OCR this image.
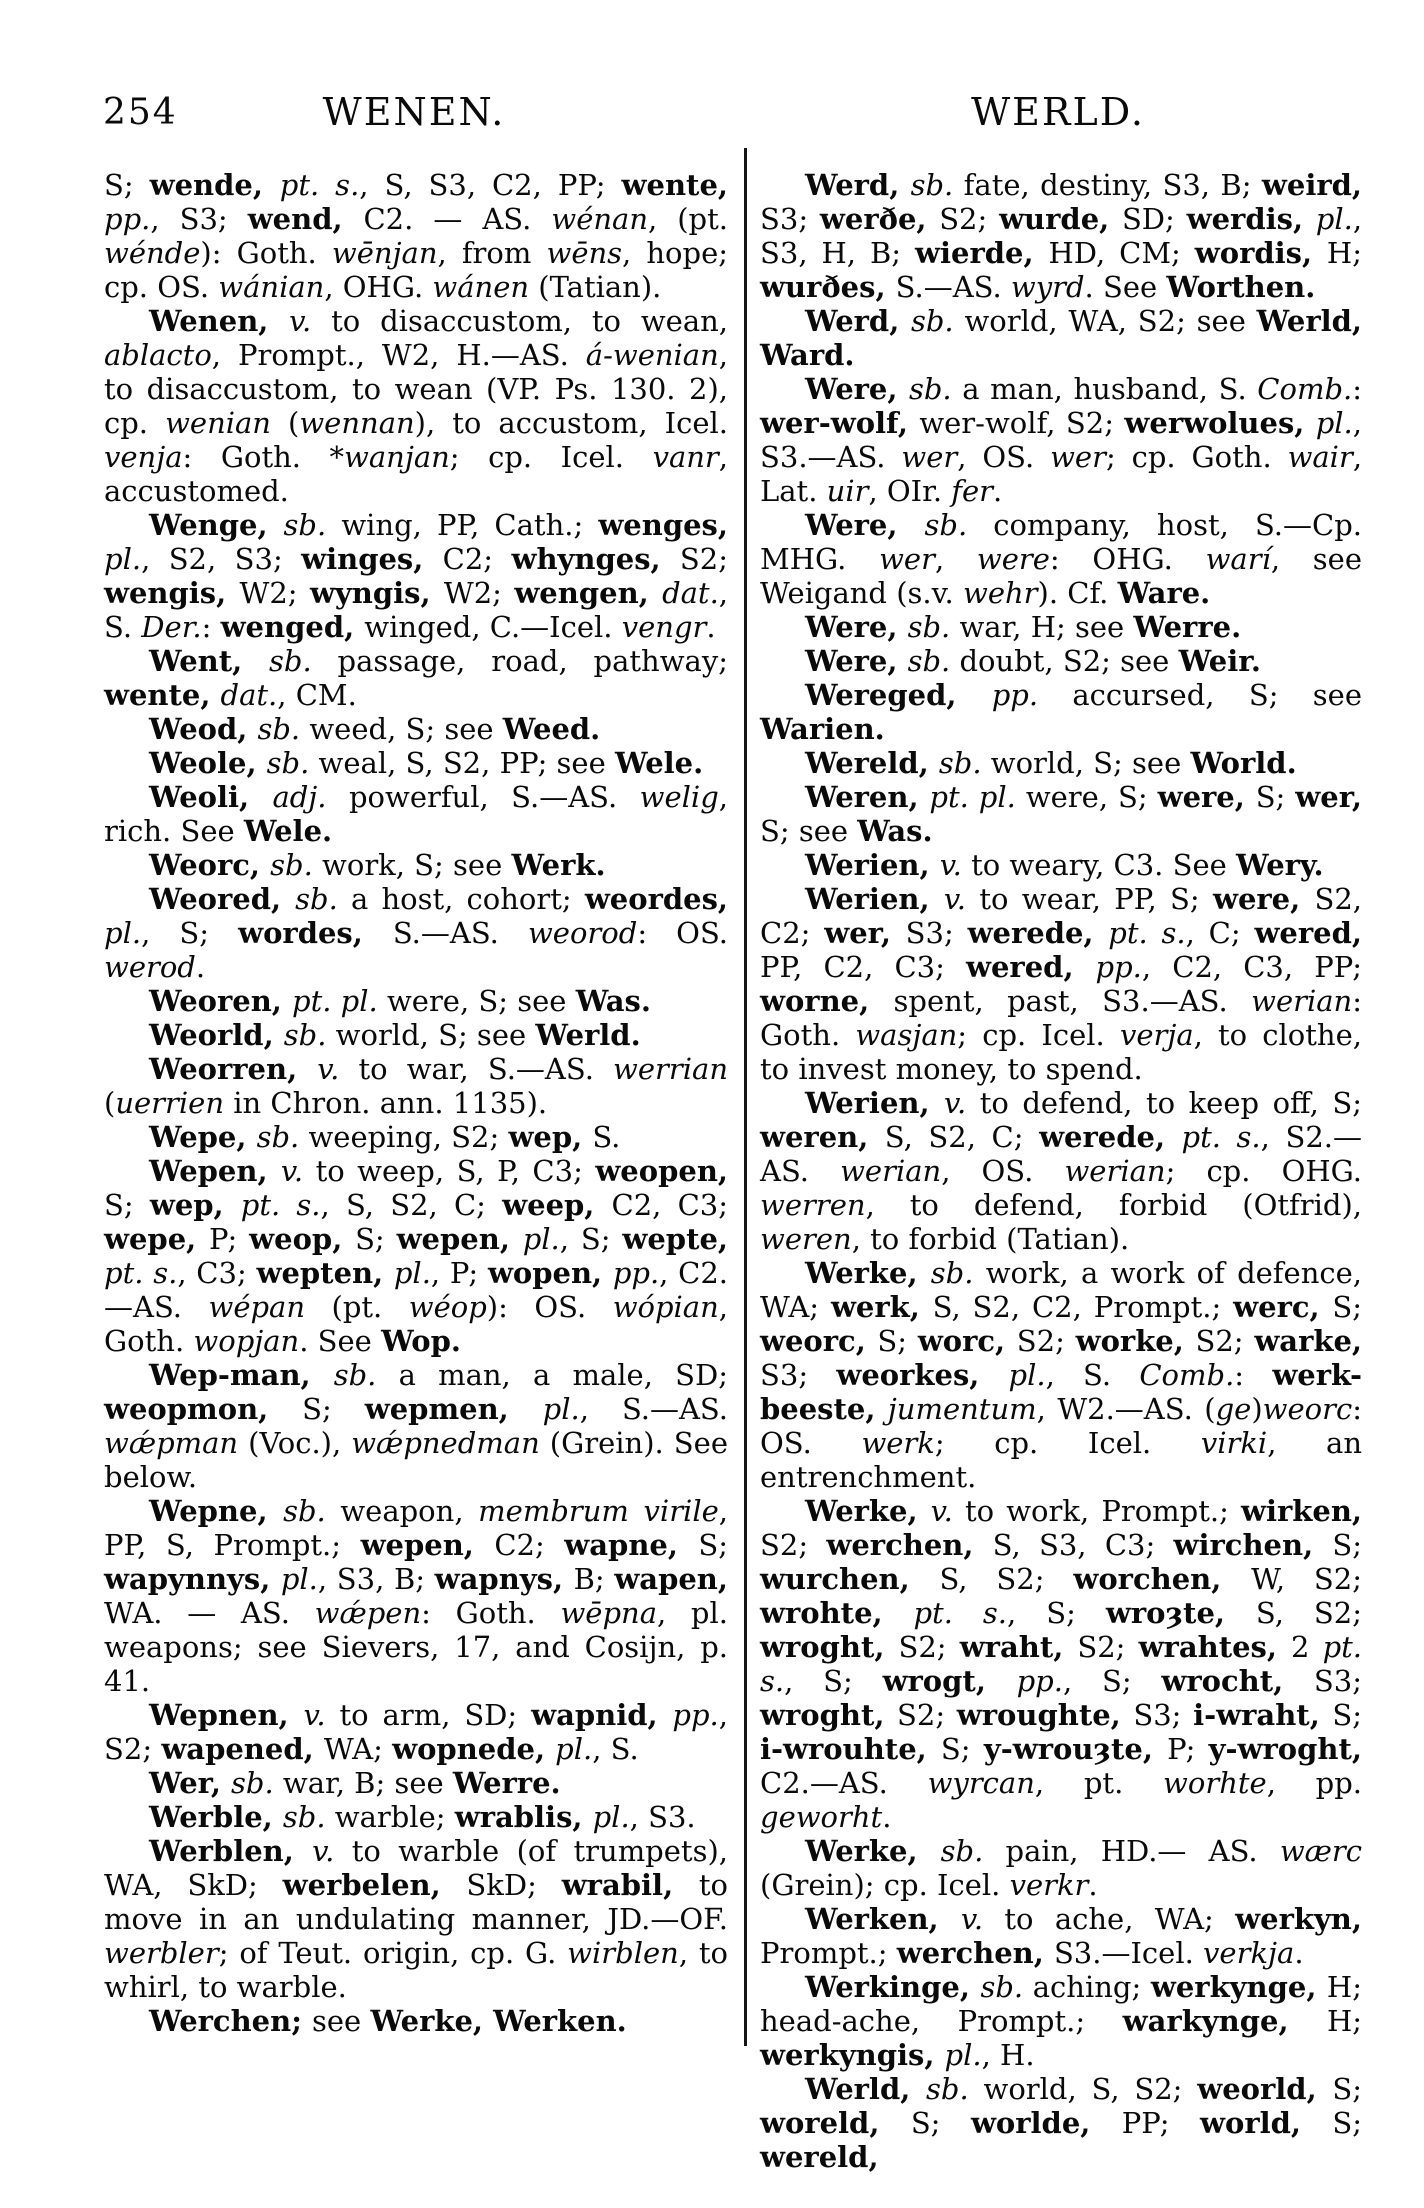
254	WENEN.	WERLD.

S; wende, pt. s., S, S3, C2, PP; wente, pp., S3; wend, C2. — AS. wénan, (pt. wénde): Goth. wēnjan, from wēns, hope; cp. OS. wánian, OHG. wánen (Tatian).

Wenen, v. to disaccustom, to wean, ablacto, Prompt., W2, H.—AS. á-wenian, to disaccustom, to wean (VP. Ps. 130. 2), cp. wenian (wennan), to accustom, Icel. venja: Goth. *wanjan; cp. Icel. vanr, accustomed.

Wenge, sb. wing, PP, Cath.; wenges, pl., S2, S3; winges, C2; whynges, S2; wengis, W2; wyngis, W2; wengen, dat., S. Der.: wenged, winged, C.—Icel. vengr.

Went, sb. passage, road, pathway; wente, dat., CM.

Weod, sb. weed, S; see Weed.

Weole, sb. weal, S, S2, PP; see Wele.

Weoli, adj. powerful, S.—AS. welig, rich. See Wele.

Weorc, sb. work, S; see Werk.

Weored, sb. a host, cohort; weordes, pl., S; wordes, S.—AS. weorod: OS. werod.

Weoren, pt. pl. were, S; see Was.

Weorld, sb. world, S; see Werld.

Weorren, v. to war, S.—AS. werrian (uerrien in Chron. ann. 1135).

Wepe, sb. weeping, S2; wep, S.

Wepen, v. to weep, S, P, C3; weopen, S; wep, pt. s., S, S2, C; weep, C2, C3; wepe, P; weop, S; wepen, pl., S; wepte, pt. s., C3; wepten, pl., P; wopen, pp., C2.—AS. wépan (pt. wéop): OS. wópian, Goth. wopjan. See Wop.

Wep-man, sb. a man, a male, SD; weopmon, S; wepmen, pl., S.—AS. wǽpman (Voc.), wǽpnedman (Grein). See below.

Wepne, sb. weapon, membrum virile, PP, S, Prompt.; wepen, C2; wapne, S; wapynnys, pl., S3, B; wapnys, B; wapen, WA. — AS. wǽpen: Goth. wēpna, pl. weapons; see Sievers, 17, and Cosijn, p. 41.

Wepnen, v. to arm, SD; wapnid, pp., S2; wapened, WA; wopnede, pl., S.

Wer, sb. war, B; see Werre.

Werble, sb. warble; wrablis, pl., S3.

Werblen, v. to warble (of trumpets), WA, SkD; werbelen, SkD; wrabil, to move in an undulating manner, JD.—OF. werbler; of Teut. origin, cp. G. wirblen, to whirl, to warble.

Werchen; see Werke, Werken.

Werd, sb. fate, destiny, S3, B; weird, S3; werðe, S2; wurde, SD; werdis, pl., S3, H, B; wierde, HD, CM; wordis, H; wurðes, S.—AS. wyrd. See Worthen.

Werd, sb. world, WA, S2; see Werld, Ward.

Were, sb. a man, husband, S. Comb.: wer-wolf, wer-wolf, S2; werwolues, pl., S3.—AS. wer, OS. wer; cp. Goth. wair, Lat. uir, OIr. fer.

Were, sb. company, host, S.—Cp. MHG. wer, were: OHG. warí, see Weigand (s.v. wehr). Cf. Ware.

Were, sb. war, H; see Werre.

Were, sb. doubt, S2; see Weir.

Wereged, pp. accursed, S; see Warien.

Wereld, sb. world, S; see World.

Weren, pt. pl. were, S; were, S; wer, S; see Was.

Werien, v. to weary, C3. See Wery.

Werien, v. to wear, PP, S; were, S2, C2; wer, S3; werede, pt. s., C; wered, PP, C2, C3; wered, pp., C2, C3, PP; worne, spent, past, S3.—AS. werian: Goth. wasjan; cp. Icel. verja, to clothe, to invest money, to spend.

Werien, v. to defend, to keep off, S; weren, S, S2, C; werede, pt. s., S2.—AS. werian, OS. werian; cp. OHG. werren, to defend, forbid (Otfrid), weren, to forbid (Tatian).

Werke, sb. work, a work of defence, WA; werk, S, S2, C2, Prompt.; werc, S; weorc, S; worc, S2; worke, S2; warke, S3; weorkes, pl., S. Comb.: werk-beeste, jumentum, W2.—AS. (ge)weorc: OS. werk; cp. Icel. virki, an entrenchment.

Werke, v. to work, Prompt.; wirken, S2; werchen, S, S3, C3; wirchen, S; wurchen, S, S2; worchen, W, S2; wrohte, pt. s., S; wroȝte, S, S2; wroght, S2; wraht, S2; wrahtes, 2 pt. s., S; wrogt, pp., S; wrocht, S3; wroght, S2; wroughte, S3; i-wraht, S; i-wrouhte, S; y-wrouȝte, P; y-wroght, C2.—AS. wyrcan, pt. worhte, pp. geworht.

Werke, sb. pain, HD.— AS. wærc (Grein); cp. Icel. verkr.

Werken, v. to ache, WA; werkyn, Prompt.; werchen, S3.—Icel. verkja.

Werkinge, sb. aching; werkynge, H; head-ache, Prompt.; warkynge, H; werkyngis, pl., H.

Werld, sb. world, S, S2; weorld, S; woreld, S; worlde, PP; world, S; wereld,
